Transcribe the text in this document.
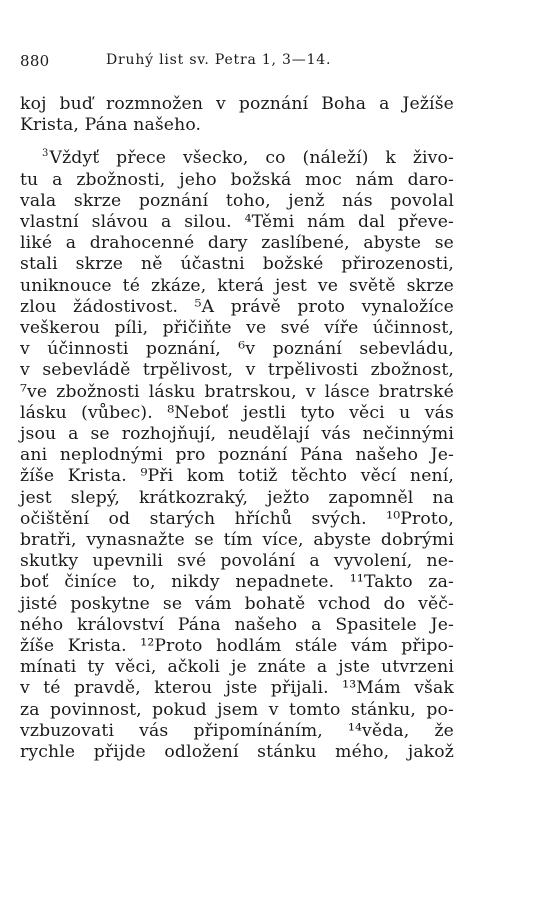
880	Druhý list sv. Petra 1, 3—14.
koj buď rozmnožen v poznání Boha a Ježíše
Krista, Pána našeho.
$^3$Vždyť přece všecko, co (náleží) k živo-
tu a zbožnosti, jeho božská moc nám daro-
vala skrze poznání toho, jenž nás povolal
vlastní slávou a silou. ⁴Těmi nám dal převe-
liké a drahocenné dary zaslíbené, abyste se
stali skrze ně účastni božské přirozenosti,
uniknouce té zkáze, která jest ve světě skrze
zlou žádostivost. ⁵A právě proto vynaložíce
veškerou píli, přičiňte ve své víře účinnost,
v účinnosti poznání, ⁶v poznání sebevládu,
v sebevládě trpělivost, v trpělivosti zbožnost,
⁷ve zbožnosti lásku bratrskou, v lásce bratrské
lásku (vůbec). ⁸Neboť jestli tyto věci u vás
jsou a se rozhojňují, neudělají vás nečinnými
ani neplodnými pro poznání Pána našeho Je-
žíše Krista. ⁹Při kom totiž těchto věcí není,
jest slepý, krátkozraký, ježto zapomněl na
očištění od starých hříchů svých. ¹⁰Proto,
bratři, vynasnažte se tím více, abyste dobrými
skutky upevnili své povolání a vyvolení, ne-
boť činíce to, nikdy nepadnete. ¹¹Takto za-
jisté poskytne se vám bohatě vchod do věč-
ného království Pána našeho a Spasitele Je-
žíše Krista. ¹²Proto hodlám stále vám připo-
mínati ty věci, ačkoli je znáte a jste utvrzeni
v té pravdě, kterou jste přijali. ¹³Mám však
za povinnost, pokud jsem v tomto stánku, po-
vzbuzovati vás připomínáním, ¹⁴věda, že
rychle přijde odložení stánku mého, jakož
